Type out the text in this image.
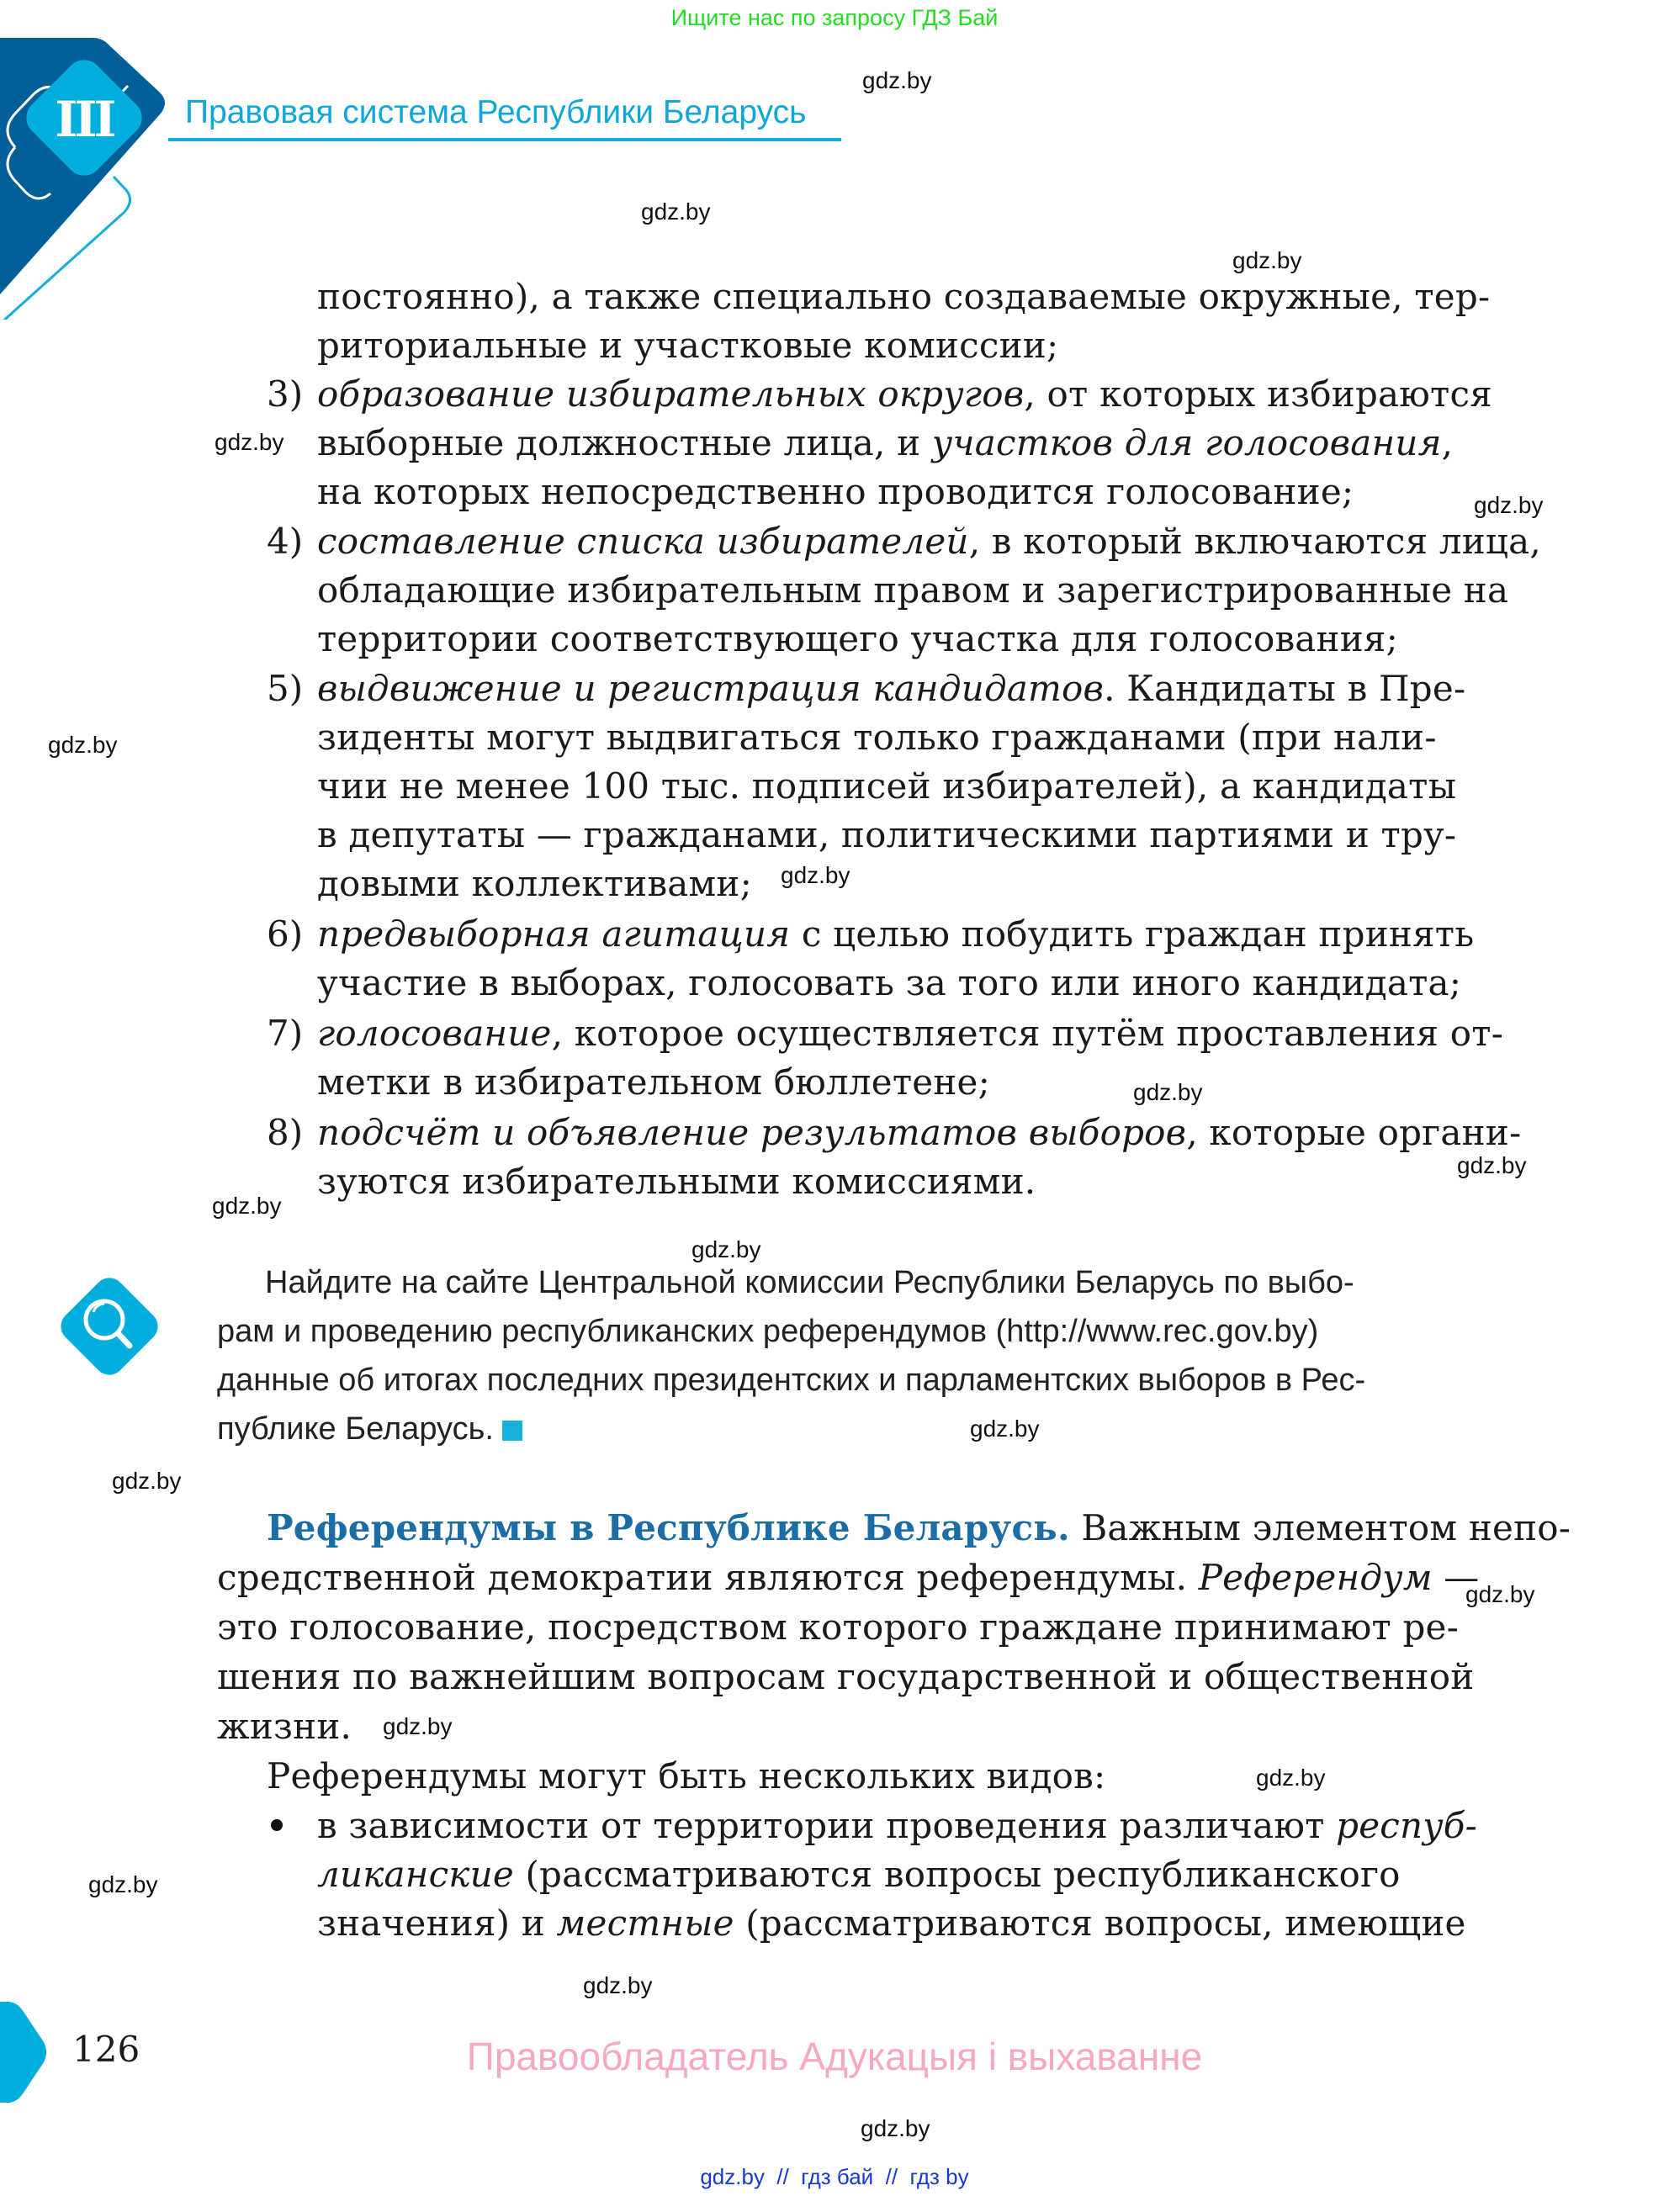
Ищите нас по запросу ГДЗ Бай
III	Правовая система Республики Беларусь
постоянно), а также специально создаваемые окружные, тер-
риториальные и участковые комиссии;
3) образование избирательных округов, от которых избираются
выборные должностные лица, и участков для голосования,
на которых непосредственно проводится голосование;
4) составление списка избирателей, в который включаются лица,
обладающие избирательным правом и зарегистрированные на
территории соответствующего участка для голосования;
5) выдвижение и регистрация кандидатов. Кандидаты в Пре-
зиденты могут выдвигаться только гражданами (при нали-
чии не менее 100 тыс. подписей избирателей), а кандидаты
в депутаты — гражданами, политическими партиями и тру-
довыми коллективами;
6) предвыборная агитация с целью побудить граждан принять
участие в выборах, голосовать за того или иного кандидата;
7) голосование, которое осуществляется путём проставления от-
метки в избирательном бюллетене;
8) подсчёт и объявление результатов выборов, которые органи-
зуются избирательными комиссиями.
Найдите на сайте Центральной комиссии Республики Беларусь по выбо-
рам и проведению республиканских референдумов (http://www.rec.gov.by)
данные об итогах последних президентских и парламентских выборов в Рес-
публике Беларусь.
Референдумы в Республике Беларусь. Важным элементом непо-
средственной демократии являются референдумы. Референдум —
это голосование, посредством которого граждане принимают ре-
шения по важнейшим вопросам государственной и общественной
жизни.
Референдумы могут быть нескольких видов:
в зависимости от территории проведения различают респуб-
ликанские (рассматриваются вопросы республиканского
значения) и местные (рассматриваются вопросы, имеющие
gdz.by
gdz.by
gdz.by
gdz.by
gdz.by
gdz.by
gdz.by
gdz.by
gdz.by
gdz.by
gdz.by
gdz.by
gdz.by
gdz.by
gdz.by
gdz.by
gdz.by
gdz.by
gdz.by
126	Правообладатель Адукацыя і выхаванне
gdz.by  //  гдз бай  //  гдз by
